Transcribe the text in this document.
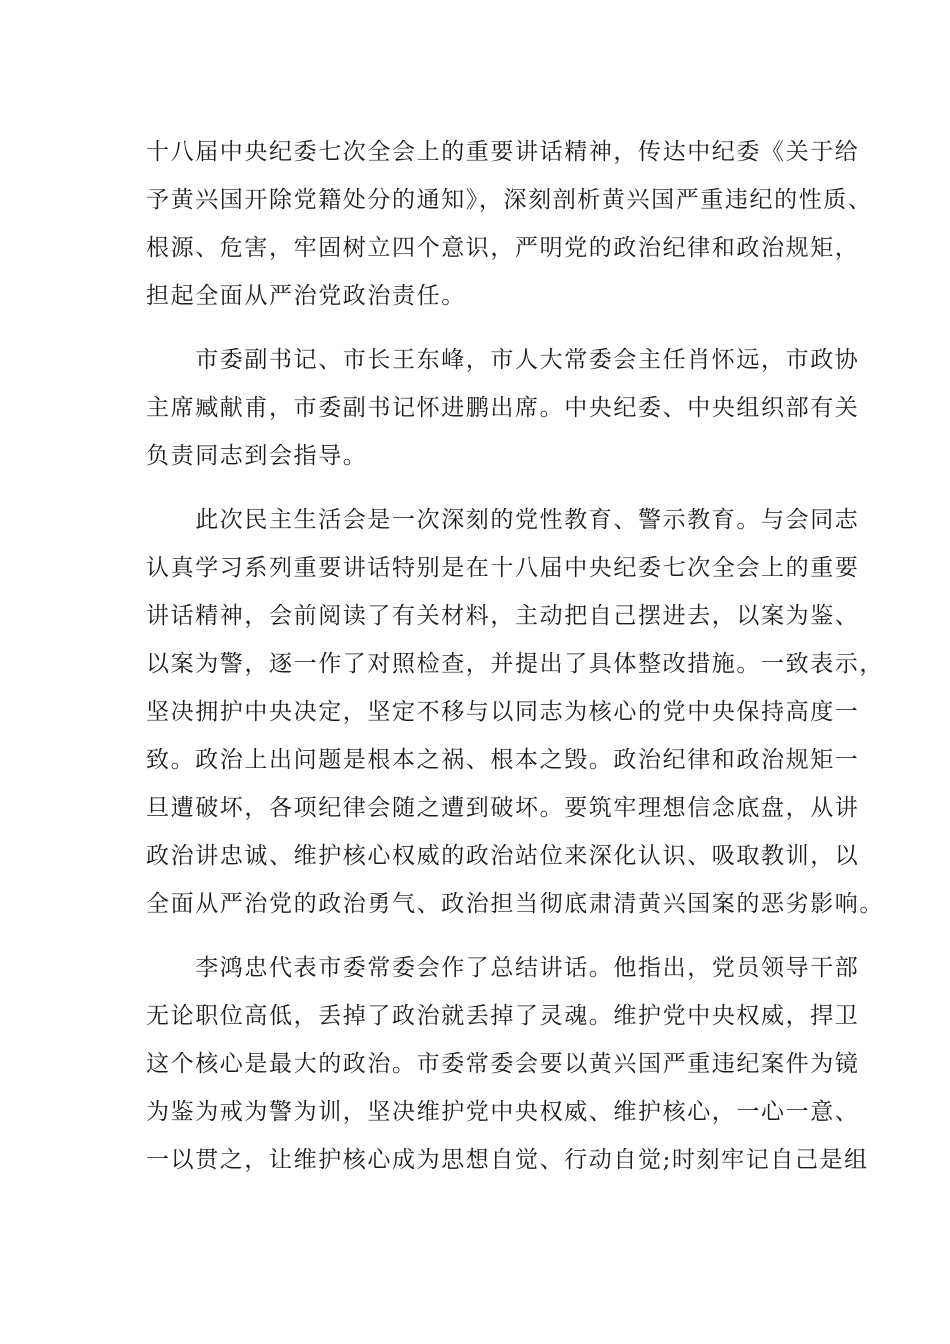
十八届中央纪委七次全会上的重要讲话精神，传达中纪委《关于给
予黄兴国开除党籍处分的通知》，深刻剖析黄兴国严重违纪的性质、
根源、危害，牢固树立四个意识，严明党的政治纪律和政治规矩，
担起全面从严治党政治责任。
　　市委副书记、市长王东峰，市人大常委会主任肖怀远，市政协
主席臧献甫，市委副书记怀进鹏出席。中央纪委、中央组织部有关
负责同志到会指导。
　　此次民主生活会是一次深刻的党性教育、警示教育。与会同志
认真学习系列重要讲话特别是在十八届中央纪委七次全会上的重要
讲话精神，会前阅读了有关材料，主动把自己摆进去，以案为鉴、
以案为警，逐一作了对照检查，并提出了具体整改措施。一致表示，
坚决拥护中央决定，坚定不移与以同志为核心的党中央保持高度一
致。政治上出问题是根本之祸、根本之毁。政治纪律和政治规矩一
旦遭破坏，各项纪律会随之遭到破坏。要筑牢理想信念底盘，从讲
政治讲忠诚、维护核心权威的政治站位来深化认识、吸取教训，以
全面从严治党的政治勇气、政治担当彻底肃清黄兴国案的恶劣影响。
　　李鸿忠代表市委常委会作了总结讲话。他指出，党员领导干部
无论职位高低，丢掉了政治就丢掉了灵魂。维护党中央权威，捍卫
这个核心是最大的政治。市委常委会要以黄兴国严重违纪案件为镜
为鉴为戒为警为训，坚决维护党中央权威、维护核心，一心一意、
一以贯之，让维护核心成为思想自觉、行动自觉;时刻牢记自己是组
